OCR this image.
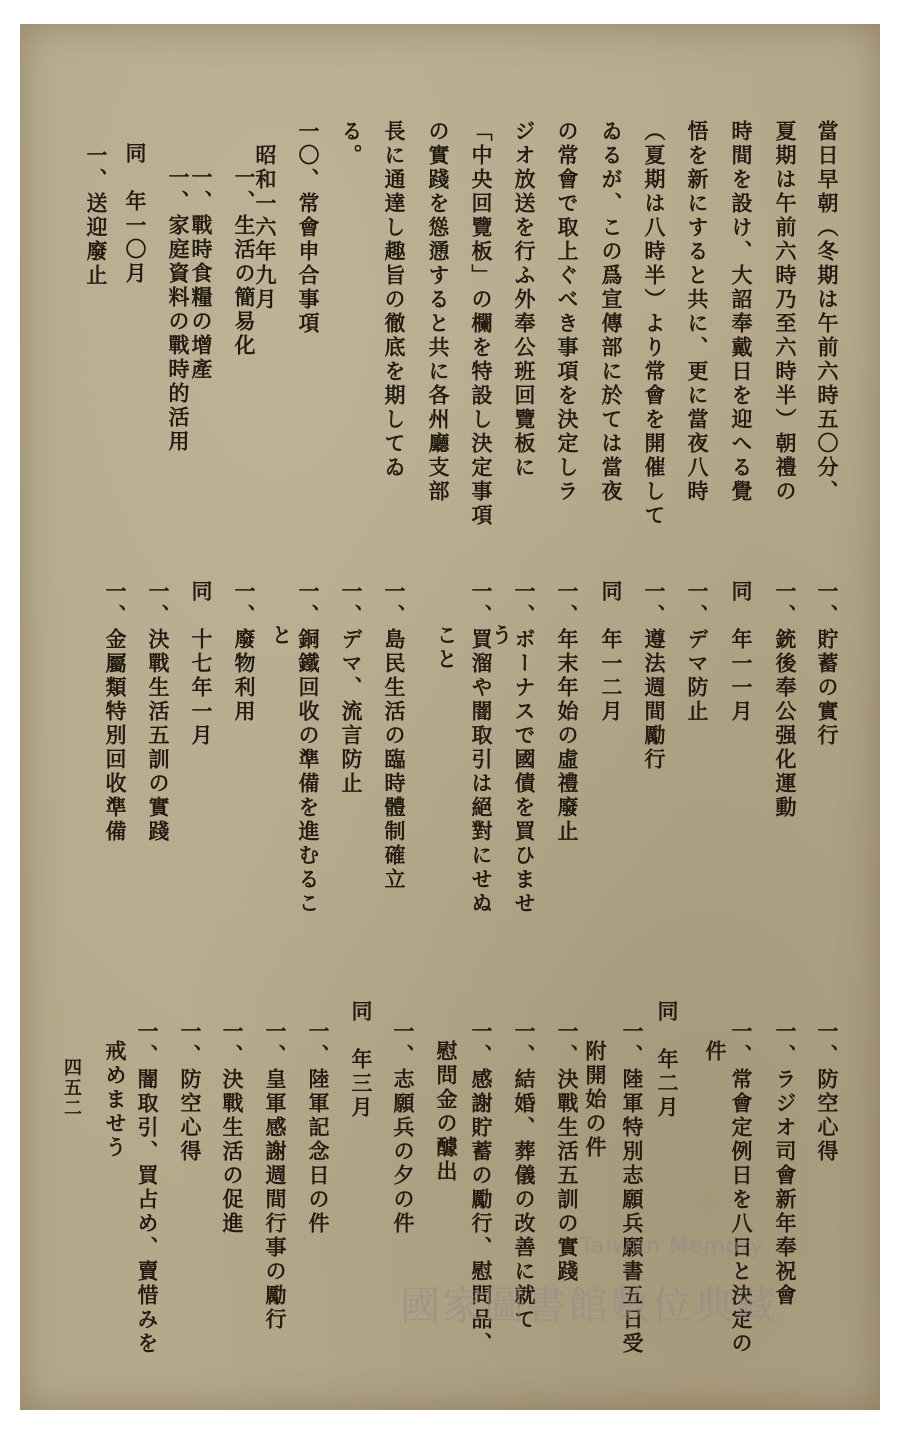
當日早朝（冬期は午前六時五〇分、
夏期は午前六時乃至六時半）朝禮の
時間を設け、大詔奉戴日を迎へる覺
悟を新にすると共に、更に當夜八時
（夏期は八時半）より常會を開催して
ゐるが、この爲宣傳部に於ては當夜
の常會で取上ぐべき事項を決定しラ
ジオ放送を行ふ外奉公班回覽板に
「中央回覽板」の欄を特設し決定事項
の實踐を慫慂すると共に各州廳支部
長に通達し趣旨の徹底を期してゐ
る。
一〇、常會申合事項
昭和一六年九月
一、生活の簡易化
一、戰時食糧の增產
一、家庭資料の戰時的活用
同　年一〇月
一、送迎廢止
一、貯蓄の實行
一、銃後奉公强化運動
同　年一一月
一、デマ防止
一、遵法週間勵行
同　年一二月
一、年末年始の虛禮廢止
一、ボーナスで國債を買ひませ
う
一、買溜や闇取引は絕對にせぬ
こと
一、島民生活の臨時體制確立
一、デマ、流言防止
一、銅鐵回收の準備を進むるこ
と
一、廢物利用
同　十七年一月
一、決戰生活五訓の實踐
一、金屬類特別回收準備
一、防空心得
一、ラジオ司會新年奉祝會
一、常會定例日を八日と決定の
件
同　年二月
一、陸軍特別志願兵願書五日受
附開始の件
一、決戰生活五訓の實踐
一、結婚、葬儀の改善に就て
一、感謝貯蓄の勵行、慰問品、
慰問金の醵出
一、志願兵の夕の件
同　年三月
一、陸軍記念日の件
一、皇軍感謝週間行事の勵行
一、決戰生活の促進
一、防空心得
一、闇取引、買占め、賣惜みを
戒めませう
四五二
Taiwan Memory
國家圖書館數位典藏
